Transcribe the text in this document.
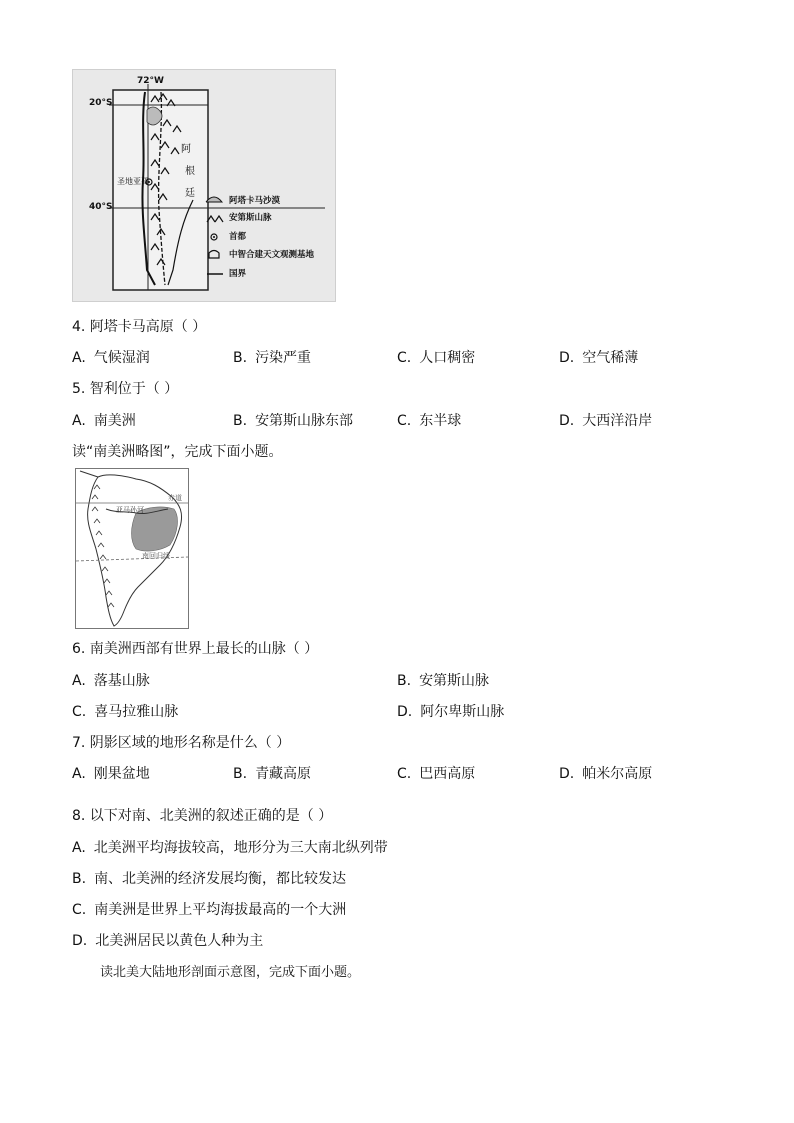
20°S
40°S
72°W
阿
根
廷
圣地亚哥
阿塔卡马沙漠
安第斯山脉
首都
中智合建天文观测基地
国界
4. 阿塔卡马高原（ ）
A. 气候湿润	B. 污染严重	C. 人口稠密	D. 空气稀薄
5. 智利位于（ ）
A. 南美洲	B. 安第斯山脉东部	C. 东半球	D. 大西洋沿岸
读“南美洲略图”，完成下面小题。
赤道
亚马孙河
南回归线
6. 南美洲西部有世界上最长的山脉（ ）
A. 落基山脉	B. 安第斯山脉
C. 喜马拉雅山脉	D. 阿尔卑斯山脉
7. 阴影区域的地形名称是什么（ ）
A. 刚果盆地	B. 青藏高原	C. 巴西高原	D. 帕米尔高原
8. 以下对南、北美洲的叙述正确的是（ ）
A. 北美洲平均海拔较高，地形分为三大南北纵列带
B. 南、北美洲的经济发展均衡，都比较发达
C. 南美洲是世界上平均海拔最高的一个大洲
D. 北美洲居民以黄色人种为主
读北美大陆地形剖面示意图，完成下面小题。
